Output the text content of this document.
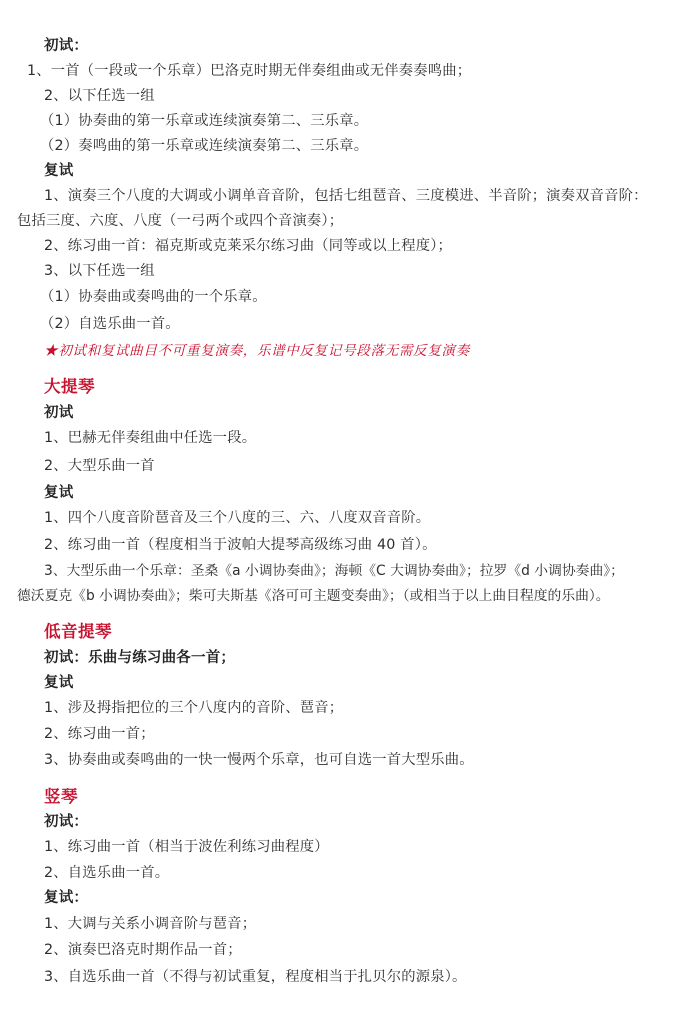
初试：
1、一首（一段或一个乐章）巴洛克时期无伴奏组曲或无伴奏奏鸣曲；
2、以下任选一组
（1）协奏曲的第一乐章或连续演奏第二、三乐章。
（2）奏鸣曲的第一乐章或连续演奏第二、三乐章。
复试
1、演奏三个八度的大调或小调单音音阶，包括七组琶音、三度模进、半音阶；演奏双音音阶：
包括三度、六度、八度（一弓两个或四个音演奏）；
2、练习曲一首：福克斯或克莱采尔练习曲（同等或以上程度）；
3、以下任选一组
（1）协奏曲或奏鸣曲的一个乐章。
（2）自选乐曲一首。
★初试和复试曲目不可重复演奏，乐谱中反复记号段落无需反复演奏
大提琴
初试
1、巴赫无伴奏组曲中任选一段。
2、大型乐曲一首
复试
1、四个八度音阶琶音及三个八度的三、六、八度双音音阶。
2、练习曲一首（程度相当于波帕大提琴高级练习曲 40 首）。
3、大型乐曲一个乐章：圣桑《a 小调协奏曲》；海顿《C 大调协奏曲》；拉罗《d 小调协奏曲》；
德沃夏克《b 小调协奏曲》；柴可夫斯基《洛可可主题变奏曲》；（或相当于以上曲目程度的乐曲）。
低音提琴
初试：乐曲与练习曲各一首；
复试
1、涉及拇指把位的三个八度内的音阶、琶音；
2、练习曲一首；
3、协奏曲或奏鸣曲的一快一慢两个乐章，也可自选一首大型乐曲。
竖琴
初试：
1、练习曲一首（相当于波佐利练习曲程度）
2、自选乐曲一首。
复试：
1、大调与关系小调音阶与琶音；
2、演奏巴洛克时期作品一首；
3、自选乐曲一首（不得与初试重复，程度相当于扎贝尔的源泉）。
